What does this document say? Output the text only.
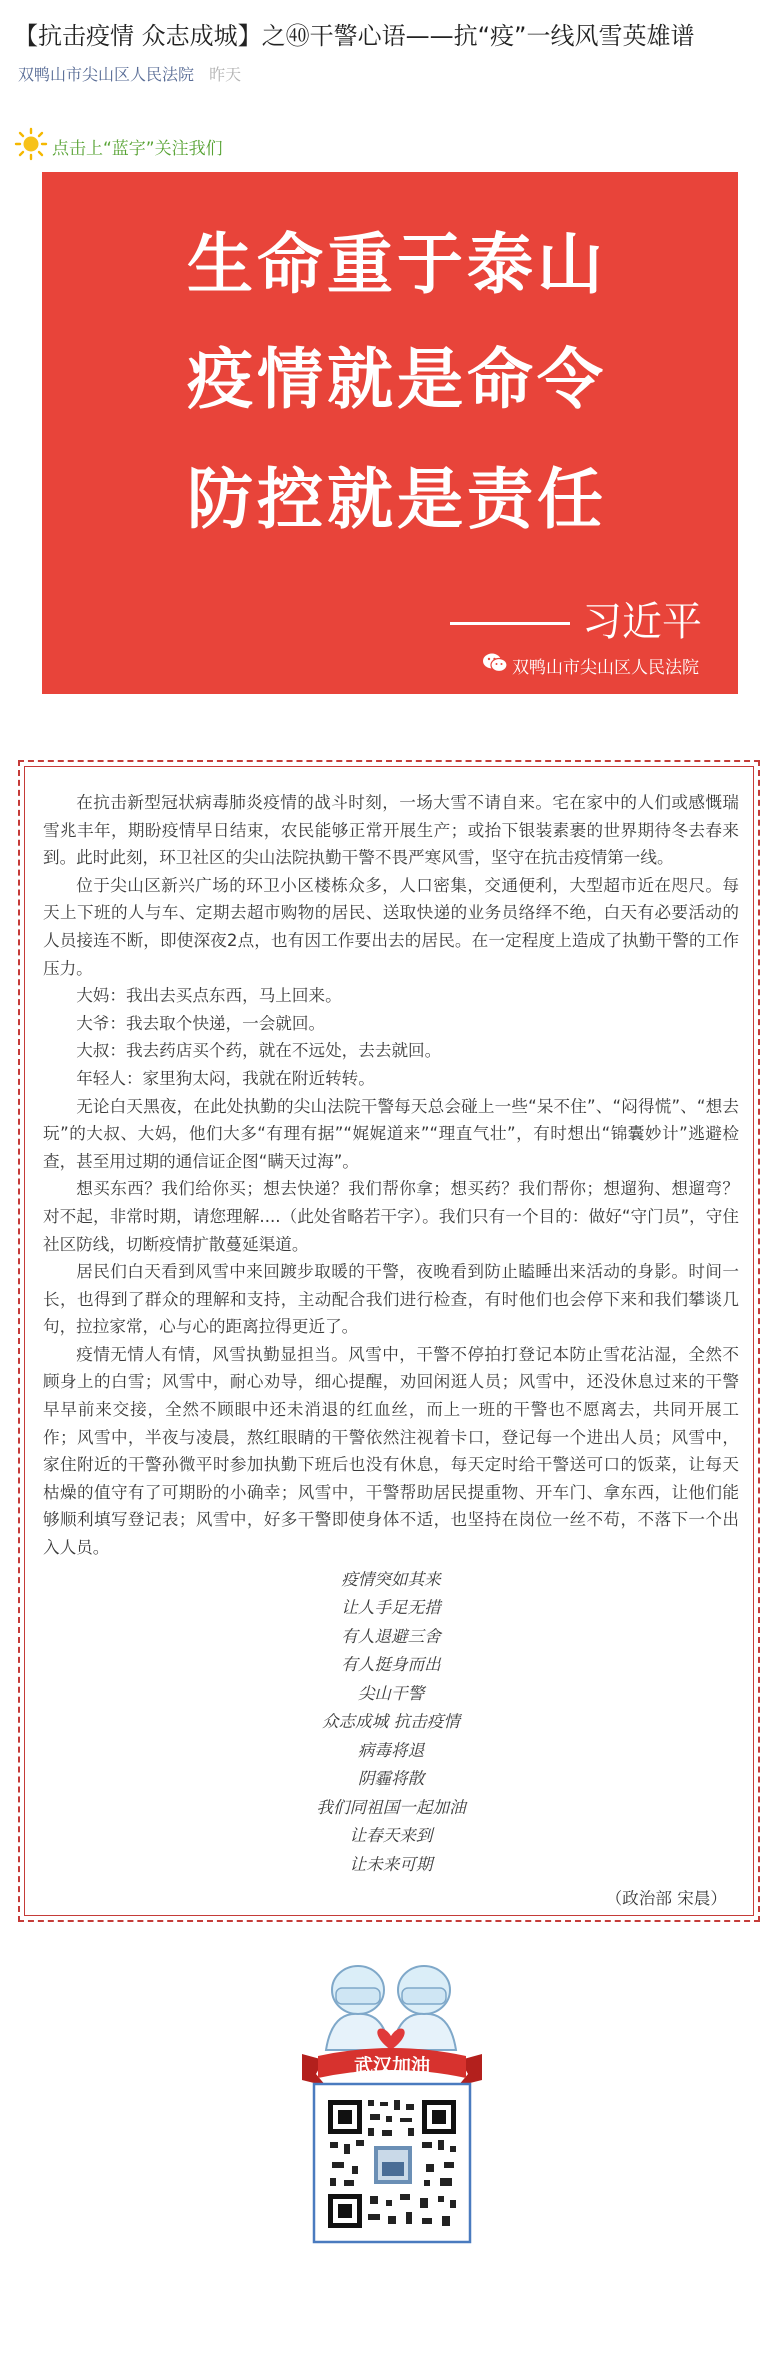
【抗击疫情 众志成城】之㊵干警心语——抗“疫”一线风雪英雄谱
双鸭山市尖山区人民法院 昨天
点击上“蓝字”关注我们
生命重于泰山
疫情就是命令
防控就是责任
习近平
双鸭山市尖山区人民法院

在抗击新型冠状病毒肺炎疫情的战斗时刻，一场大雪不请自来。宅在家中的人们或感慨瑞雪兆丰年，期盼疫情早日结束，农民能够正常开展生产；或抬下银装素裹的世界期待冬去春来到。此时此刻，环卫社区的尖山法院执勤干警不畏严寒风雪，坚守在抗击疫情第一线。

位于尖山区新兴广场的环卫小区楼栋众多，人口密集，交通便利，大型超市近在咫尺。每天上下班的人与车、定期去超市购物的居民、送取快递的业务员络绎不绝，白天有必要活动的人员接连不断，即使深夜2点，也有因工作要出去的居民。在一定程度上造成了执勤干警的工作压力。

大妈：我出去买点东西，马上回来。

大爷：我去取个快递，一会就回。

大叔：我去药店买个药，就在不远处，去去就回。

年轻人：家里狗太闷，我就在附近转转。

无论白天黑夜，在此处执勤的尖山法院干警每天总会碰上一些“呆不住”、“闷得慌”、“想去玩”的大叔、大妈，他们大多“有理有据”“娓娓道来”“理直气壮”，有时想出“锦囊妙计”逃避检查，甚至用过期的通信证企图“瞒天过海”。

想买东西？我们给你买；想去快递？我们帮你拿；想买药？我们帮你；想遛狗、想遛弯？对不起，非常时期，请您理解....（此处省略若干字）。我们只有一个目的：做好“守门员”，守住社区防线，切断疫情扩散蔓延渠道。

居民们白天看到风雪中来回踱步取暖的干警，夜晚看到防止瞌睡出来活动的身影。时间一长，也得到了群众的理解和支持，主动配合我们进行检查，有时他们也会停下来和我们攀谈几句，拉拉家常，心与心的距离拉得更近了。

疫情无情人有情，风雪执勤显担当。风雪中，干警不停拍打登记本防止雪花沾湿，全然不顾身上的白雪；风雪中，耐心劝导，细心提醒，劝回闲逛人员；风雪中，还没休息过来的干警早早前来交接，全然不顾眼中还未消退的红血丝，而上一班的干警也不愿离去，共同开展工作；风雪中，半夜与凌晨，熬红眼睛的干警依然注视着卡口，登记每一个进出人员；风雪中，家住附近的干警孙微平时参加执勤下班后也没有休息，每天定时给干警送可口的饭菜，让每天枯燥的值守有了可期盼的小确幸；风雪中，干警帮助居民提重物、开车门、拿东西，让他们能够顺利填写登记表；风雪中，好多干警即使身体不适，也坚持在岗位一丝不苟，不落下一个出入人员。

疫情突如其来
让人手足无措
有人退避三舍
有人挺身而出
尖山干警
众志成城 抗击疫情
病毒将退
阴霾将散
我们同祖国一起加油
让春天来到
让未来可期
（政治部 宋晨）
武汉加油
